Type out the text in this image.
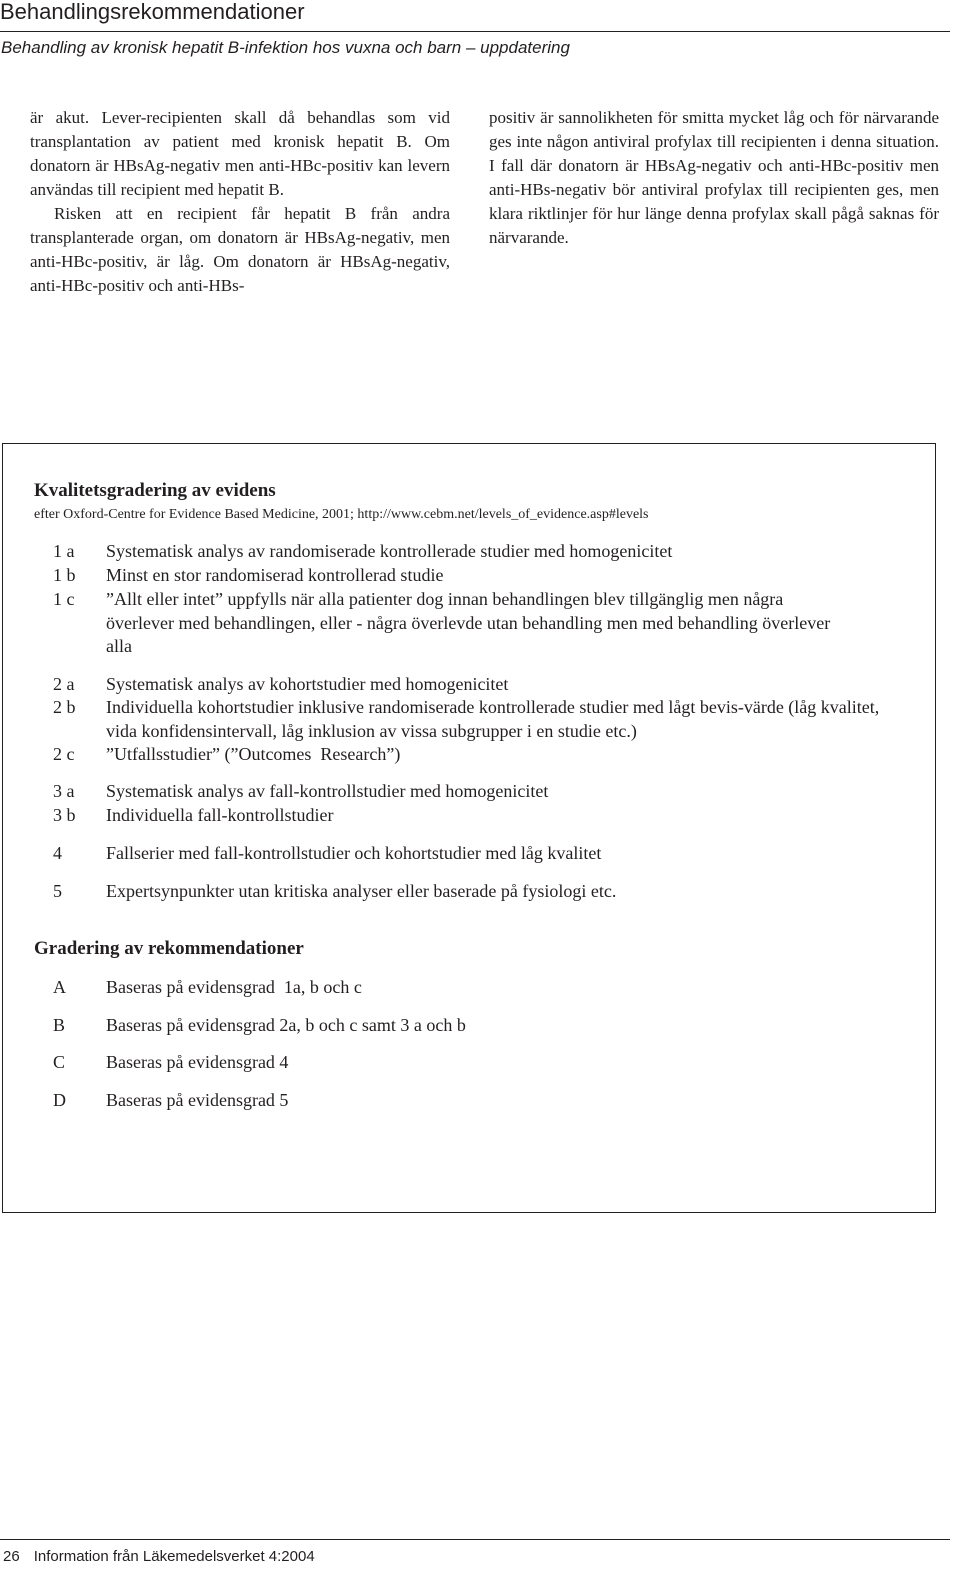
Behandlingsrekommendationer
Behandling av kronisk hepatit B-infektion hos vuxna och barn – uppdatering

är akut. Lever-recipienten skall då behandlas som vid transplantation av patient med kronisk hepatit B. Om donatorn är HBsAg-negativ men anti-HBc-positiv kan levern användas till recipient med hepatit B.

Risken att en recipient får hepatit B från andra transplanterade organ, om donatorn är HBsAg-negativ, men anti-HBc-positiv, är låg. Om donatorn är HBsAg-negativ, anti-HBc-positiv och anti-HBs-

positiv är sannolikheten för smitta mycket låg och för närvarande ges inte någon antiviral profylax till recipienten i denna situation. I fall där donatorn är HBsAg-negativ och anti-HBc-positiv men anti-HBs-negativ bör antiviral profylax till recipienten ges, men klara riktlinjer för hur länge denna profylax skall pågå saknas för närvarande.

Kvalitetsgradering av evidens
efter Oxford-Centre for Evidence Based Medicine, 2001; http://www.cebm.net/levels_of_evidence.asp#levels
1 a	Systematisk analys av randomiserade kontrollerade studier med homogenicitet
1 b	Minst en stor randomiserad kontrollerad studie
1 c	”Allt eller intet” uppfylls när alla patienter dog innan behandlingen blev tillgänglig men några överlever med behandlingen, eller - några överlevde utan behandling men med behandling överlever alla
2 a	Systematisk analys av kohortstudier med homogenicitet
2 b	Individuella kohortstudier inklusive randomiserade kontrollerade studier med lågt bevis-värde (låg kvalitet, vida konfidensintervall, låg inklusion av vissa subgrupper i en studie etc.)
2 c	”Utfallsstudier” (”Outcomes  Research”)
3 a	Systematisk analys av fall-kontrollstudier med homogenicitet
3 b	Individuella fall-kontrollstudier
4	Fallserier med fall-kontrollstudier och kohortstudier med låg kvalitet
5	Expertsynpunkter utan kritiska analyser eller baserade på fysiologi etc.
Gradering av rekommendationer
A	Baseras på evidensgrad  1a, b och c
B	Baseras på evidensgrad 2a, b och c samt 3 a och b
C	Baseras på evidensgrad 4
D	Baseras på evidensgrad 5
26 Information från Läkemedelsverket 4:2004
